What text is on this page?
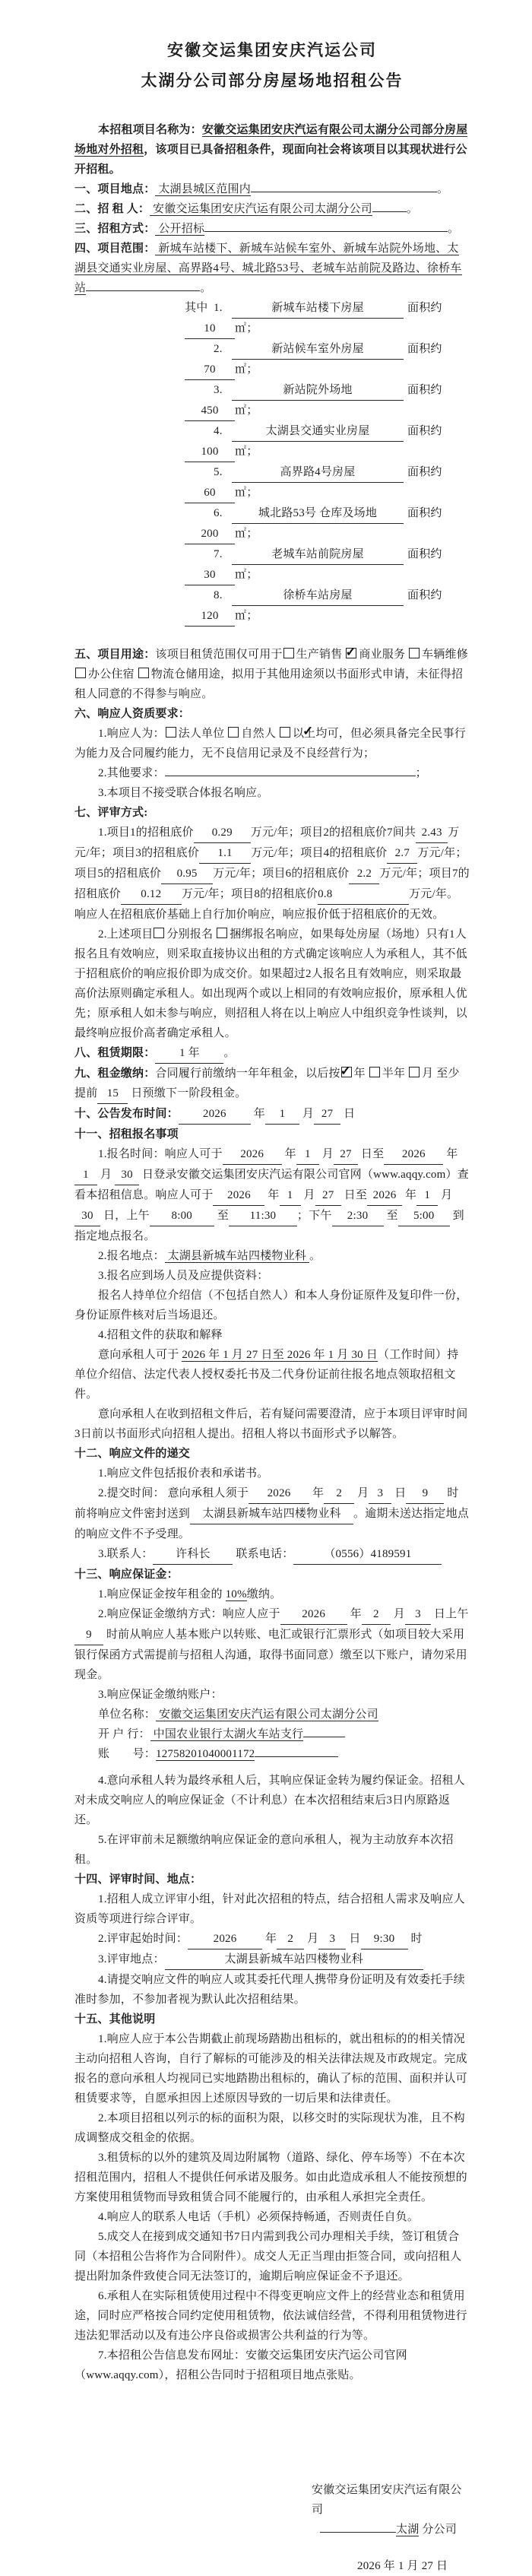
安徽交运集团安庆汽运公司
太湖分公司部分房屋场地招租公告
本招租项目名称为：安徽交运集团安庆汽运有限公司太湖分公司部分房屋场地对外招租，该项目已具备招租条件，现面向社会将该项目以其现状进行公开招租。
一、项目地点： 太湖县城区范围内	。
二、招 租 人： 安徽交运集团安庆汽运有限公司太湖分公司	。
三、招租方式： 公开招标	。
四、项目范围： 新城车站楼下、新城车站候车室外、新城车站院外场地、太湖县交通实业房屋、高界路4号、城北路53号、老城车站前院及路边、徐桥车站	。
其中 1.	新城车站楼下房屋	面积约10 ㎡；
2.	新站候车室外房屋	面积约70 ㎡；
3.	新站院外场地	面积约450 ㎡；
4.	太湖县交通实业房屋	面积约100 ㎡；
5.	高界路4号房屋	面积约60 ㎡；
6.	城北路53号 仓库及场地	面积约200 ㎡；
7.	老城车站前院房屋	面积约30 ㎡；
8.	徐桥车站房屋	面积约120 ㎡；
五、项目用途：该项目租赁范围仅可用于 生产销售 ✓商业服务 车辆维修 办公住宿 物流仓储用途，拟用于其他用途须以书面形式申请，未征得招租人同意的不得参与响应。
六、响应人资质要求：
1.响应人为： 法人单位 自然人 ✓以上均可，但必须具备完全民事行为能力及合同履约能力，无不良信用记录及不良经营行为；
2.其他要求：	；
3.本项目不接受联合体报名响应。
七、评审方式:
1.项目1的招租底价 0.29 万元/年；项目2的招租底价7间共 2.43 万元/年；项目3的招租底价 1.1 万元/年；项目4的招租底价 2.7 万元/年；项目5的招租底价 0.95 万元/年；项目6的招租底价 2.2 万元/年；项目7的招租底价 0.12 万元/年；项目8的招租底价0.8	万元/年。响应人在招租底价基础上自行加价响应，响应报价低于招租底价的无效。
2.上述项目 分别报名 捆绑报名响应，如果每处房屋（场地）只有1人报名且有效响应，则采取直接协议出租的方式确定该响应人为承租人，其不低于招租底价的响应报价即为成交价。如果超过2人报名且有效响应，则采取最高价法原则确定承租人。如出现两个或以上相同的有效响应报价，原承租人优先；原承租人如未参与响应，则招租人将在以上响应人中组织竞争性谈判，以最终响应报价高者确定承租人。
八、租赁期限： 1 年 。
九、租金缴纳：合同履行前缴纳一年年租金，以后按 ✓ 年 半年 月 至少提前 15 日预缴下一阶段租金。
十、公告发布时间： 2026 年 1 月 27 日
十一、招租报名事项
1.报名时间：响应人可于 2026 年 1 月 27 日至 2026 年1 月 30 日登录安徽交运集团安庆汽运有限公司官网（www.aqqy.com）查看本招租信息。响应人可于 2026 年 1 月 27 日至 2026 年 1 月30 日，上午 8:00 至 11:30 ；下午 2:30 至 5:00 到指定地点报名。
2.报名地点： 太湖县新城车站四楼物业科 。
3.报名应到场人员及应提供资料：
报名人持单位介绍信（不包括自然人）和本人身份证原件及复印件一份，身份证原件核对后当场退还。
4.招租文件的获取和解释
意向承租人可于 2026 年 1 月 27 日至 2026 年 1 月 30 日（工作时间）持单位介绍信、法定代表人授权委托书及二代身份证前往报名地点领取招租文件。
意向承租人在收到招租文件后，若有疑问需要澄清，应于本项目评审时间3日前以书面形式向招租人提出。招租人将以书面形式予以解答。
十二、响应文件的递交
1.响应文件包括报价表和承诺书。
2.提交时间： 意向承租人须于 2026 年 2 月 3 日 9 时前将响应文件密封送到 太湖县新城车站四楼物业科 。逾期未送达指定地点的响应文件不予受理。
3.联系人： 许科长 联系电话：	（0556）4189591
十三、响应保证金：
1.响应保证金按年租金的 10%缴纳。
2.响应保证金缴纳方式：响应人应于 2026 年 2 月 3 日上午9 时前从响应人基本账户以转账、电汇或银行汇票形式（如项目较大采用银行保函方式需提前与招租人沟通，取得书面同意）缴至以下账户，请勿采用现金。
3.响应保证金缴纳账户：
单位名称： 安徽交运集团安庆汽运有限公司太湖分公司
开 户 行： 中国农业银行太湖火车站支行
账　　号：12758201040001172
4.意向承租人转为最终承租人后，其响应保证金转为履约保证金。招租人对未成交响应人的响应保证金（不计利息）在本次招租结束后3日内原路返还。
5.在评审前未足额缴纳响应保证金的意向承租人，视为主动放弃本次招租。
十四、评审时间、地点：
1.招租人成立评审小组，针对此次招租的特点，结合招租人需求及响应人资质等项进行综合评审。
2.评审起始时间： 2026 年 2 月 3 日 9:30 时
3.评审地点：	太湖县新城车站四楼物业科
4.请提交响应文件的响应人或其委托代理人携带身份证明及有效委托手续准时参加，不参加者视为默认此次招租结果。
十五、其他说明
1.响应人应于本公告期截止前现场踏勘出租标的，就出租标的的相关情况主动向招租人咨询，自行了解标的可能涉及的相关法律法规及市政规定。完成报名的意向承租人均视同已实地踏勘出租标的，确认了标的范围、面积并认可租赁要求等，自愿承担因上述原因导致的一切后果和法律责任。
2.本项目招租以列示的标的面积为限，以移交时的实际现状为准，且不构成调整成交租金的依据。
3.租赁标的以外的建筑及周边附属物（道路、绿化、停车场等）不在本次招租范围内，招租人不提供任何承诺及服务。如由此造成承租人不能按预想的方案使用租赁物而导致租赁合同不能履行的，由承租人承担完全责任。
4.响应人的联系人电话（手机）必须保持畅通，否则责任自负。
5.成交人在接到成交通知书7日内需到我公司办理相关手续，签订租赁合同（本招租公告将作为合同附件）。成交人无正当理由拒签合同，或向招租人提出附加条件致使合同无法签订的，逾期后响应保证金不予退还。
6.承租人在实际租赁使用过程中不得变更响应文件上的经营业态和租赁用途，同时应严格按合同约定使用租赁物，依法诚信经营，不得利用租赁物进行违法犯罪活动以及有违公序良俗或损害公共利益的行为等。
7.本招租公告信息发布网址：安徽交运集团安庆汽运公司官网（www.aqqy.com），招租公告同时于招租项目地点张贴。
安徽交运集团安庆汽运有限公司
太湖 分公司
2026 年 1 月 27 日
